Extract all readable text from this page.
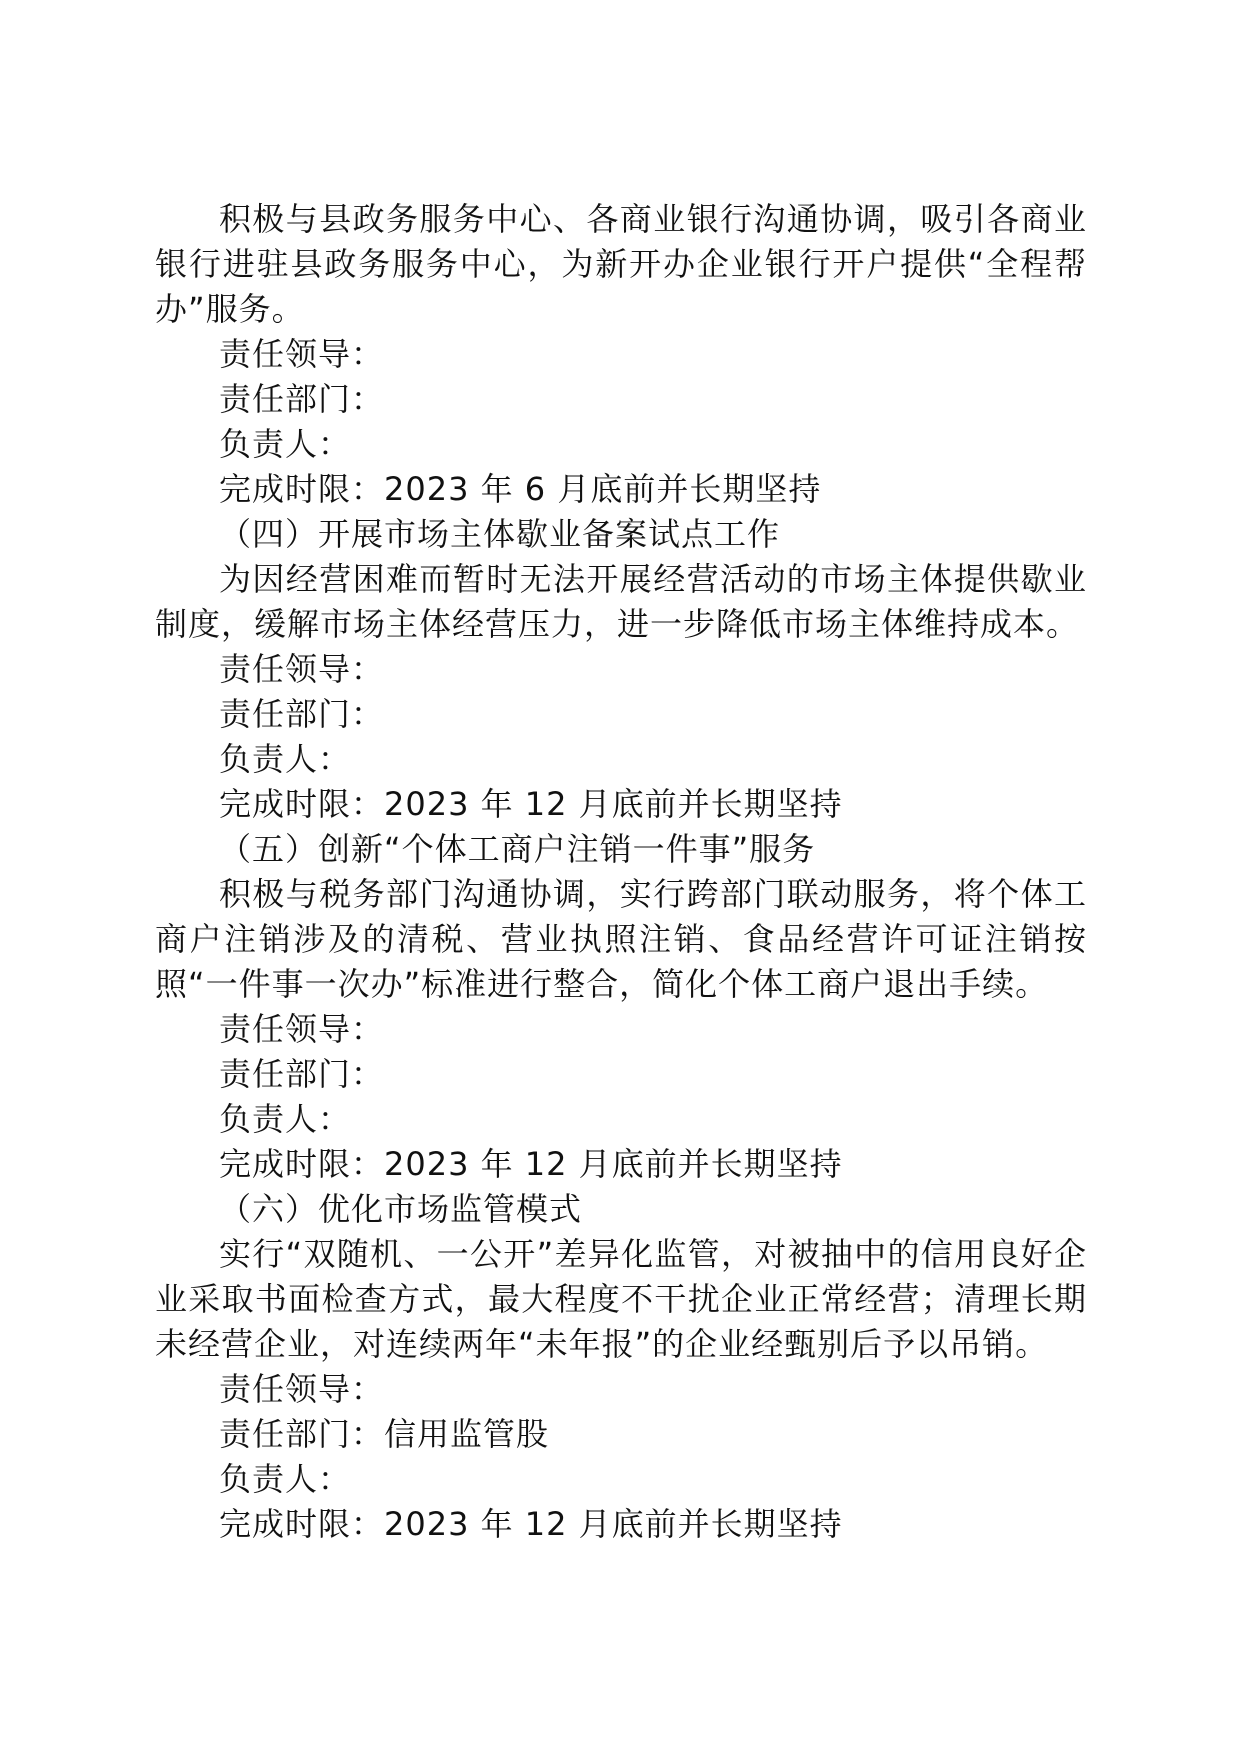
积极与县政务服务中心、各商业银行沟通协调，吸引各商业银行进驻县政务服务中心，为新开办企业银行开户提供“全程帮办”服务。

责任领导：

责任部门：

负责人：

完成时限：2023 年 6 月底前并长期坚持

（四）开展市场主体歇业备案试点工作

为因经营困难而暂时无法开展经营活动的市场主体提供歇业制度，缓解市场主体经营压力，进一步降低市场主体维持成本。

责任领导：

责任部门：

负责人：

完成时限：2023 年 12 月底前并长期坚持

（五）创新“个体工商户注销一件事”服务

积极与税务部门沟通协调，实行跨部门联动服务，将个体工商户注销涉及的清税、营业执照注销、食品经营许可证注销按照“一件事一次办”标准进行整合，简化个体工商户退出手续。

责任领导：

责任部门：

负责人：

完成时限：2023 年 12 月底前并长期坚持

（六）优化市场监管模式

实行“双随机、一公开”差异化监管，对被抽中的信用良好企业采取书面检查方式，最大程度不干扰企业正常经营；清理长期未经营企业，对连续两年“未年报”的企业经甄别后予以吊销。

责任领导：

责任部门：信用监管股

负责人：

完成时限：2023 年 12 月底前并长期坚持
